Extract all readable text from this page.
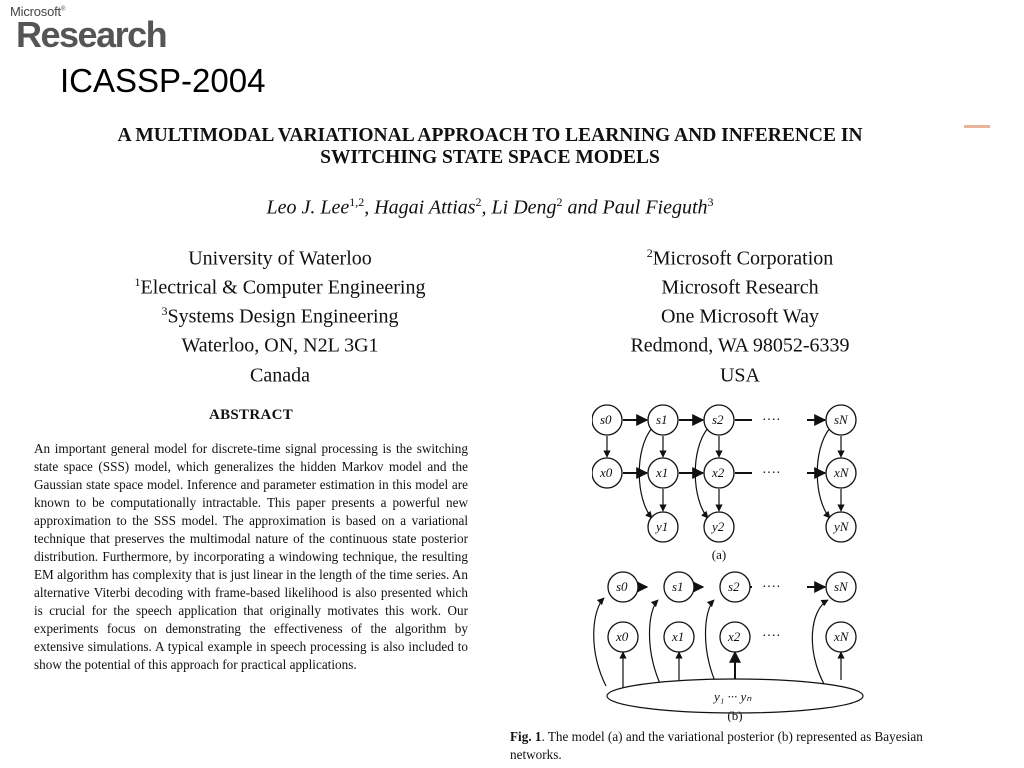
Microsoft®
Research
ICASSP-2004
A MULTIMODAL VARIATIONAL APPROACH TO LEARNING AND INFERENCE IN
SWITCHING STATE SPACE MODELS
Leo J. Lee$^{1,2}$, Hagai Attias$^2$, Li Deng$^2$ and Paul Fieguth$^3$
University of Waterloo
$^1$Electrical & Computer Engineering
$^3$Systems Design Engineering
Waterloo, ON, N2L 3G1
Canada
$^2$Microsoft Corporation
Microsoft Research
One Microsoft Way
Redmond, WA 98052-6339
USA
ABSTRACT
An important general model for discrete-time signal processing is the switching state space (SSS) model, which generalizes the hidden Markov model and the Gaussian state space model. Inference and parameter estimation in this model are known to be computationally intractable. This paper presents a powerful new approximation to the SSS model. The approximation is based on a variational technique that preserves the multimodal nature of the continuous state posterior distribution. Furthermore, by incorporating a windowing technique, the resulting EM algorithm has complexity that is just linear in the length of the time series. An alternative Viterbi decoding with frame-based likelihood is also presented which is crucial for the speech application that originally motivates this work. Our experiments focus on demonstrating the effectiveness of the algorithm by extensive simulations. A typical example in speech processing is also included to show the potential of this approach for practical applications.
····
····
s0	s1	s2	sN
x0	x1	x2	xN
y1	y2	yN
(a)
····
····
y₁ ··· yₙ
s0	s1	s2	sN
x0	x1	x2	xN
(b)
Fig. 1. The model (a) and the variational posterior (b) represented as Bayesian networks.
